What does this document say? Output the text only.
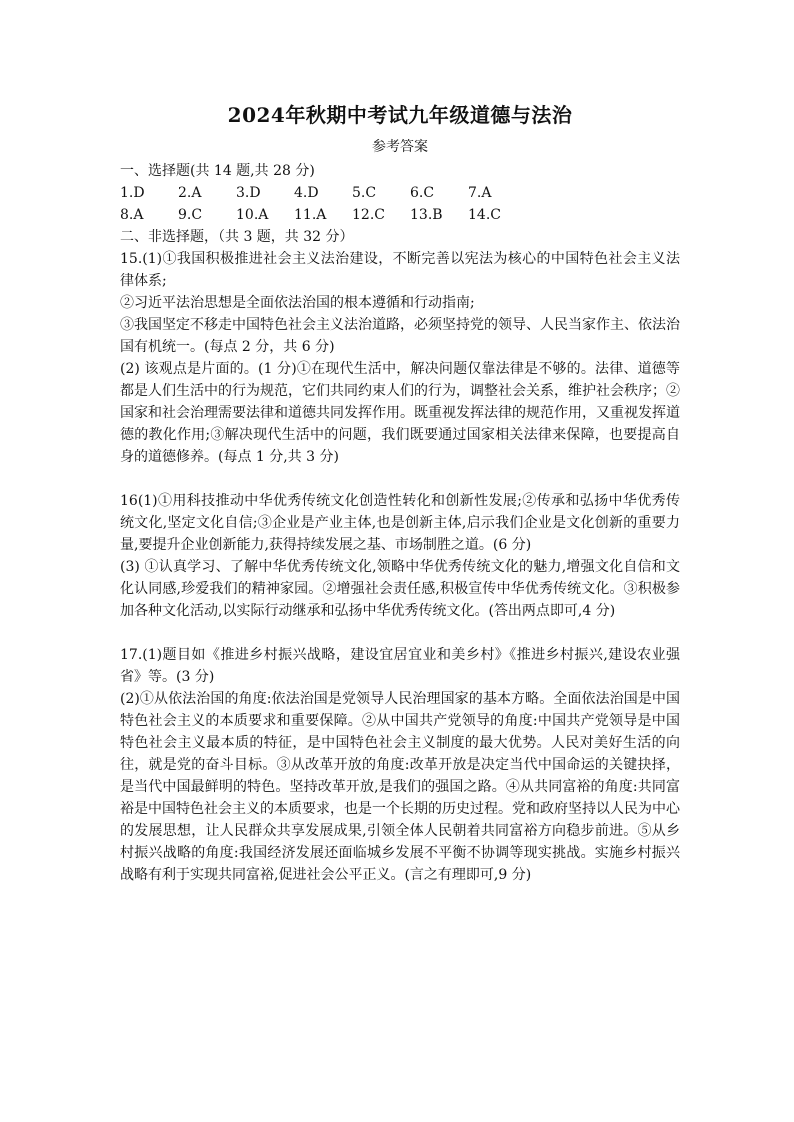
2024年秋期中考试九年级道德与法治
参考答案
一、选择题(共 14 题,共 28 分)
1.D	2.A	3.D	4.D	5.C	6.C	7.A
8.A	9.C	10.A	11.A	12.C	13.B	14.C
二、非选择题，（共 3 题，共 32 分）
15.(1)①我国积极推进社会主义法治建设，不断完善以宪法为核心的中国特色社会主义法律体系;
②习近平法治思想是全面依法治国的根本遵循和行动指南;
③我国坚定不移走中国特色社会主义法治道路，必须坚持党的领导、人民当家作主、依法治国有机统一。(每点 2 分，共 6 分)
(2) 该观点是片面的。(1 分)①在现代生活中，解决问题仅靠法律是不够的。法律、道德等都是人们生活中的行为规范，它们共同约束人们的行为，调整社会关系，维护社会秩序；②国家和社会治理需要法律和道德共同发挥作用。既重视发挥法律的规范作用，又重视发挥道德的教化作用;③解决现代生活中的问题，我们既要通过国家相关法律来保障，也要提高自身的道德修养。(每点 1 分,共 3 分)
16(1)①用科技推动中华优秀传统文化创造性转化和创新性发展;②传承和弘扬中华优秀传统文化,坚定文化自信;③企业是产业主体,也是创新主体,启示我们企业是文化创新的重要力量,要提升企业创新能力,获得持续发展之基、市场制胜之道。(6 分)
(3) ①认真学习、了解中华优秀传统文化,领略中华优秀传统文化的魅力,增强文化自信和文化认同感,珍爱我们的精神家园。②增强社会责任感,积极宣传中华优秀传统文化。③积极参加各种文化活动,以实际行动继承和弘扬中华优秀传统文化。(答出两点即可,4 分)
17.(1)题目如《推进乡村振兴战略，建设宜居宜业和美乡村》《推进乡村振兴,建设农业强省》等。(3 分)
(2)①从依法治国的角度:依法治国是党领导人民治理国家的基本方略。全面依法治国是中国特色社会主义的本质要求和重要保障。②从中国共产党领导的角度:中国共产党领导是中国特色社会主义最本质的特征，是中国特色社会主义制度的最大优势。人民对美好生活的向往，就是党的奋斗目标。③从改革开放的角度:改革开放是决定当代中国命运的关键抉择，是当代中国最鲜明的特色。坚持改革开放,是我们的强国之路。④从共同富裕的角度:共同富裕是中国特色社会主义的本质要求，也是一个长期的历史过程。党和政府坚持以人民为中心的发展思想，让人民群众共享发展成果,引领全体人民朝着共同富裕方向稳步前进。⑤从乡村振兴战略的角度:我国经济发展还面临城乡发展不平衡不协调等现实挑战。实施乡村振兴战略有利于实现共同富裕,促进社会公平正义。(言之有理即可,9 分)
